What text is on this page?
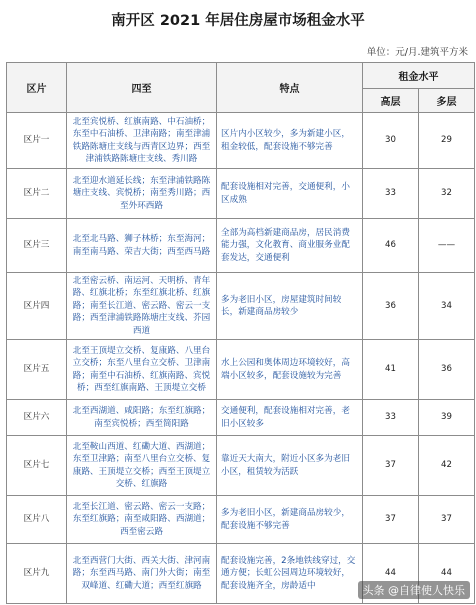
南开区 2021 年居住房屋市场租金水平
单位：元/月.建筑平方米
区片	四至	特点	租金水平	
			高层	多层
区片一	北至宾悦桥、红旗南路、中石油桥；东至中石油桥、卫津南路；南至津浦铁路陈塘庄支线与西青区边界；西至津浦铁路陈塘庄支线、秀川路	区片内小区较少，多为新建小区，租金较低，配套设施不够完善	30	29
区片二	北至迎水道延长线；东至津浦铁路陈塘庄支线、宾悦桥；南至秀川路；西至外环西路	配套设施相对完善，交通便利，小区成熟	33	32
区片三	北至北马路、狮子林桥；东至海河；南至南马路、荣吉大街；西至西马路	全部为高档新建商品房，居民消费能力强，文化教育、商业服务业配套发达，交通便利	46	——
区片四	北至密云桥、南运河、天明桥、青年路、红旗北桥；东至红旗北桥、红旗路；南至长江道、密云路、密云一支路；西至津浦铁路陈塘庄支线、芥园西道	多为老旧小区，房屋建筑时间较长，新建商品房较少	36	34
区片五	北至王顶堤立交桥、复康路、八里台立交桥；东至八里台立交桥、卫津南路；南至中石油桥、红旗南路、宾悦桥；西至红旗南路、王顶堤立交桥	水上公园和奥体周边环境较好，高端小区较多，配套设施较为完善	41	36
区片六	北至西湖道、咸阳路；东至红旗路；南至宾悦桥；西至简阳路	交通便利，配套设施相对完善，老旧小区较多	33	39
区片七	北至鞍山西道、红磡大道、西湖道；东至卫津路；南至八里台立交桥、复康路、王顶堤立交桥；西至王顶堤立交桥、红旗路	靠近天大南大，附近小区多为老旧小区，租赁较为活跃	37	42
区片八	北至长江道、密云路、密云一支路；东至红旗路；南至咸阳路、西湖道；西至密云路	多为老旧小区，新建商品房较少，配套设施不够完善	37	37
区片九	北至西营门大街、西关大街、津河南路；东至西马路、南门外大街；南至双峰道、红磡大道；西至红旗路	配套设施完善，2条地铁线穿过，交通方便；长虹公园周边环境较好，配套设施齐全，房龄适中	44	44
头条 @自律使人快乐
